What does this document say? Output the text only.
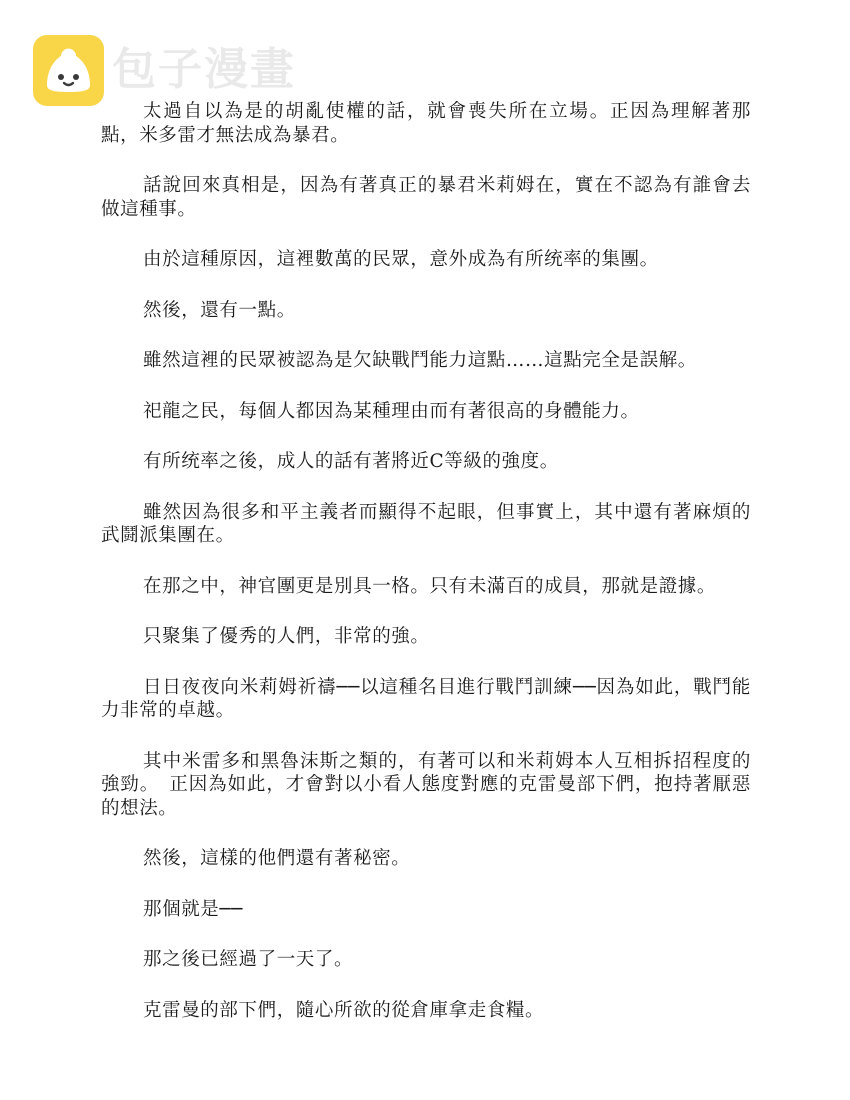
包子漫畫

太過自以為是的胡亂使權的話，就會喪失所在立場。正因為理解著那點，米多雷才無法成為暴君。

話說回來真相是，因為有著真正的暴君米莉姆在，實在不認為有誰會去做這種事。

由於這種原因，這裡數萬的民眾，意外成為有所统率的集團。

然後，還有一點。

雖然這裡的民眾被認為是欠缺戰鬥能力這點……這點完全是誤解。

祀龍之民，每個人都因為某種理由而有著很高的身體能力。

有所统率之後，成人的話有著將近C等級的強度。

雖然因為很多和平主義者而顯得不起眼，但事實上，其中還有著麻煩的武鬪派集團在。

在那之中，神官團更是別具一格。只有未滿百的成員，那就是證據。

只聚集了優秀的人們，非常的強。

日日夜夜向米莉姆祈禱──以這種名目進行戰鬥訓練──因為如此，戰鬥能力非常的卓越。

其中米雷多和黑魯沫斯之類的，有著可以和米莉姆本人互相拆招程度的強勁。　正因為如此，才會對以小看人態度對應的克雷曼部下們，抱持著厭惡的想法。

然後，這樣的他們還有著秘密。

那個就是──

那之後已經過了一天了。

克雷曼的部下們，隨心所欲的從倉庫拿走食糧。
